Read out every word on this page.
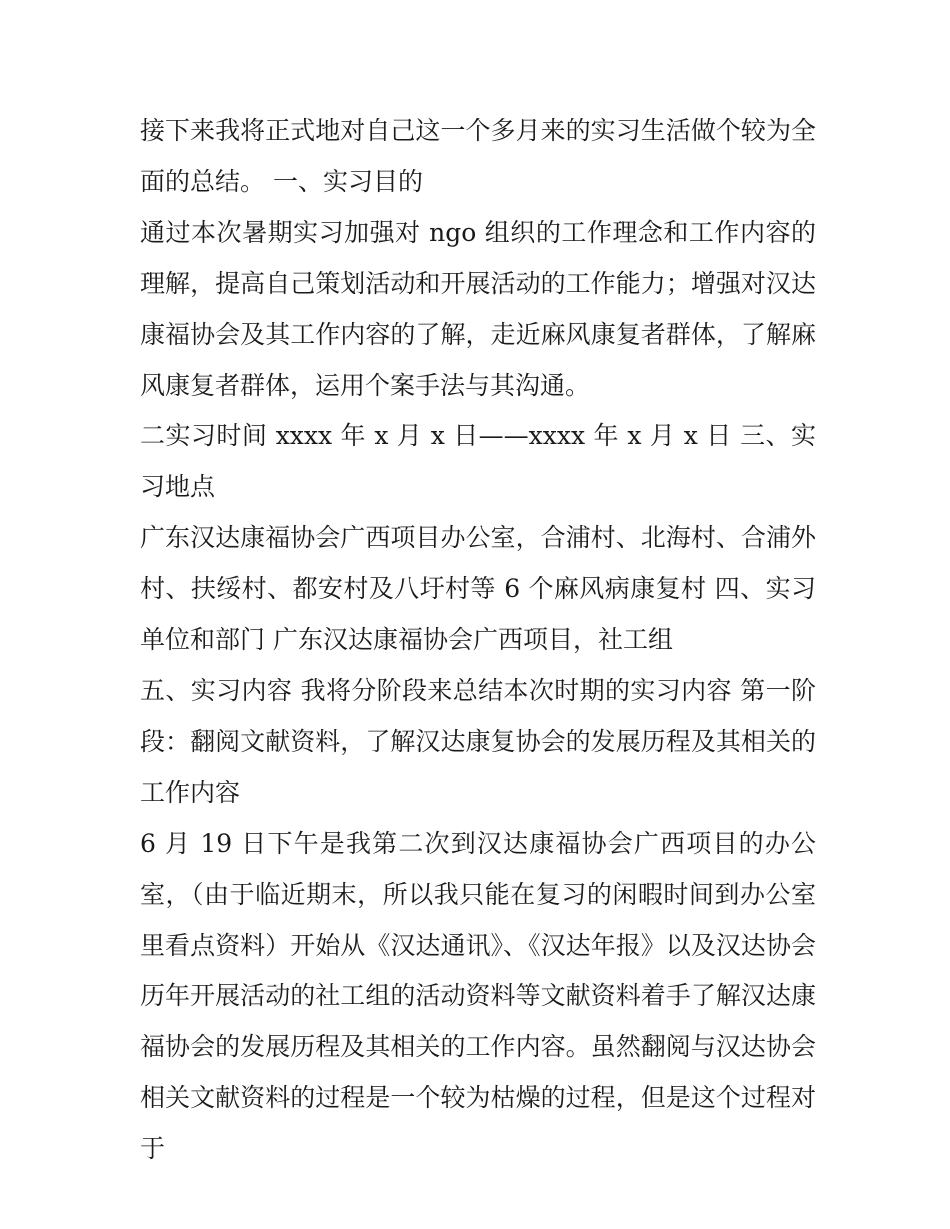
接下来我将正式地对自己这一个多月来的实习生活做个较为全面的总结。 一、实习目的

通过本次暑期实习加强对 ngo 组织的工作理念和工作内容的理解，提高自己策划活动和开展活动的工作能力；增强对汉达康福协会及其工作内容的了解，走近麻风康复者群体，了解麻风康复者群体，运用个案手法与其沟通。

二实习时间 xxxx 年 x 月 x 日——xxxx 年 x 月 x 日 三、实习地点

广东汉达康福协会广西项目办公室，合浦村、北海村、合浦外村、扶绥村、都安村及八圩村等 6 个麻风病康复村 四、实习单位和部门 广东汉达康福协会广西项目，社工组

五、实习内容 我将分阶段来总结本次时期的实习内容 第一阶段：翻阅文献资料，了解汉达康复协会的发展历程及其相关的工作内容

6 月 19 日下午是我第二次到汉达康福协会广西项目的办公室，（由于临近期末，所以我只能在复习的闲暇时间到办公室里看点资料）开始从《汉达通讯》、《汉达年报》以及汉达协会历年开展活动的社工组的活动资料等文献资料着手了解汉达康福协会的发展历程及其相关的工作内容。虽然翻阅与汉达协会相关文献资料的过程是一个较为枯燥的过程，但是这个过程对于
